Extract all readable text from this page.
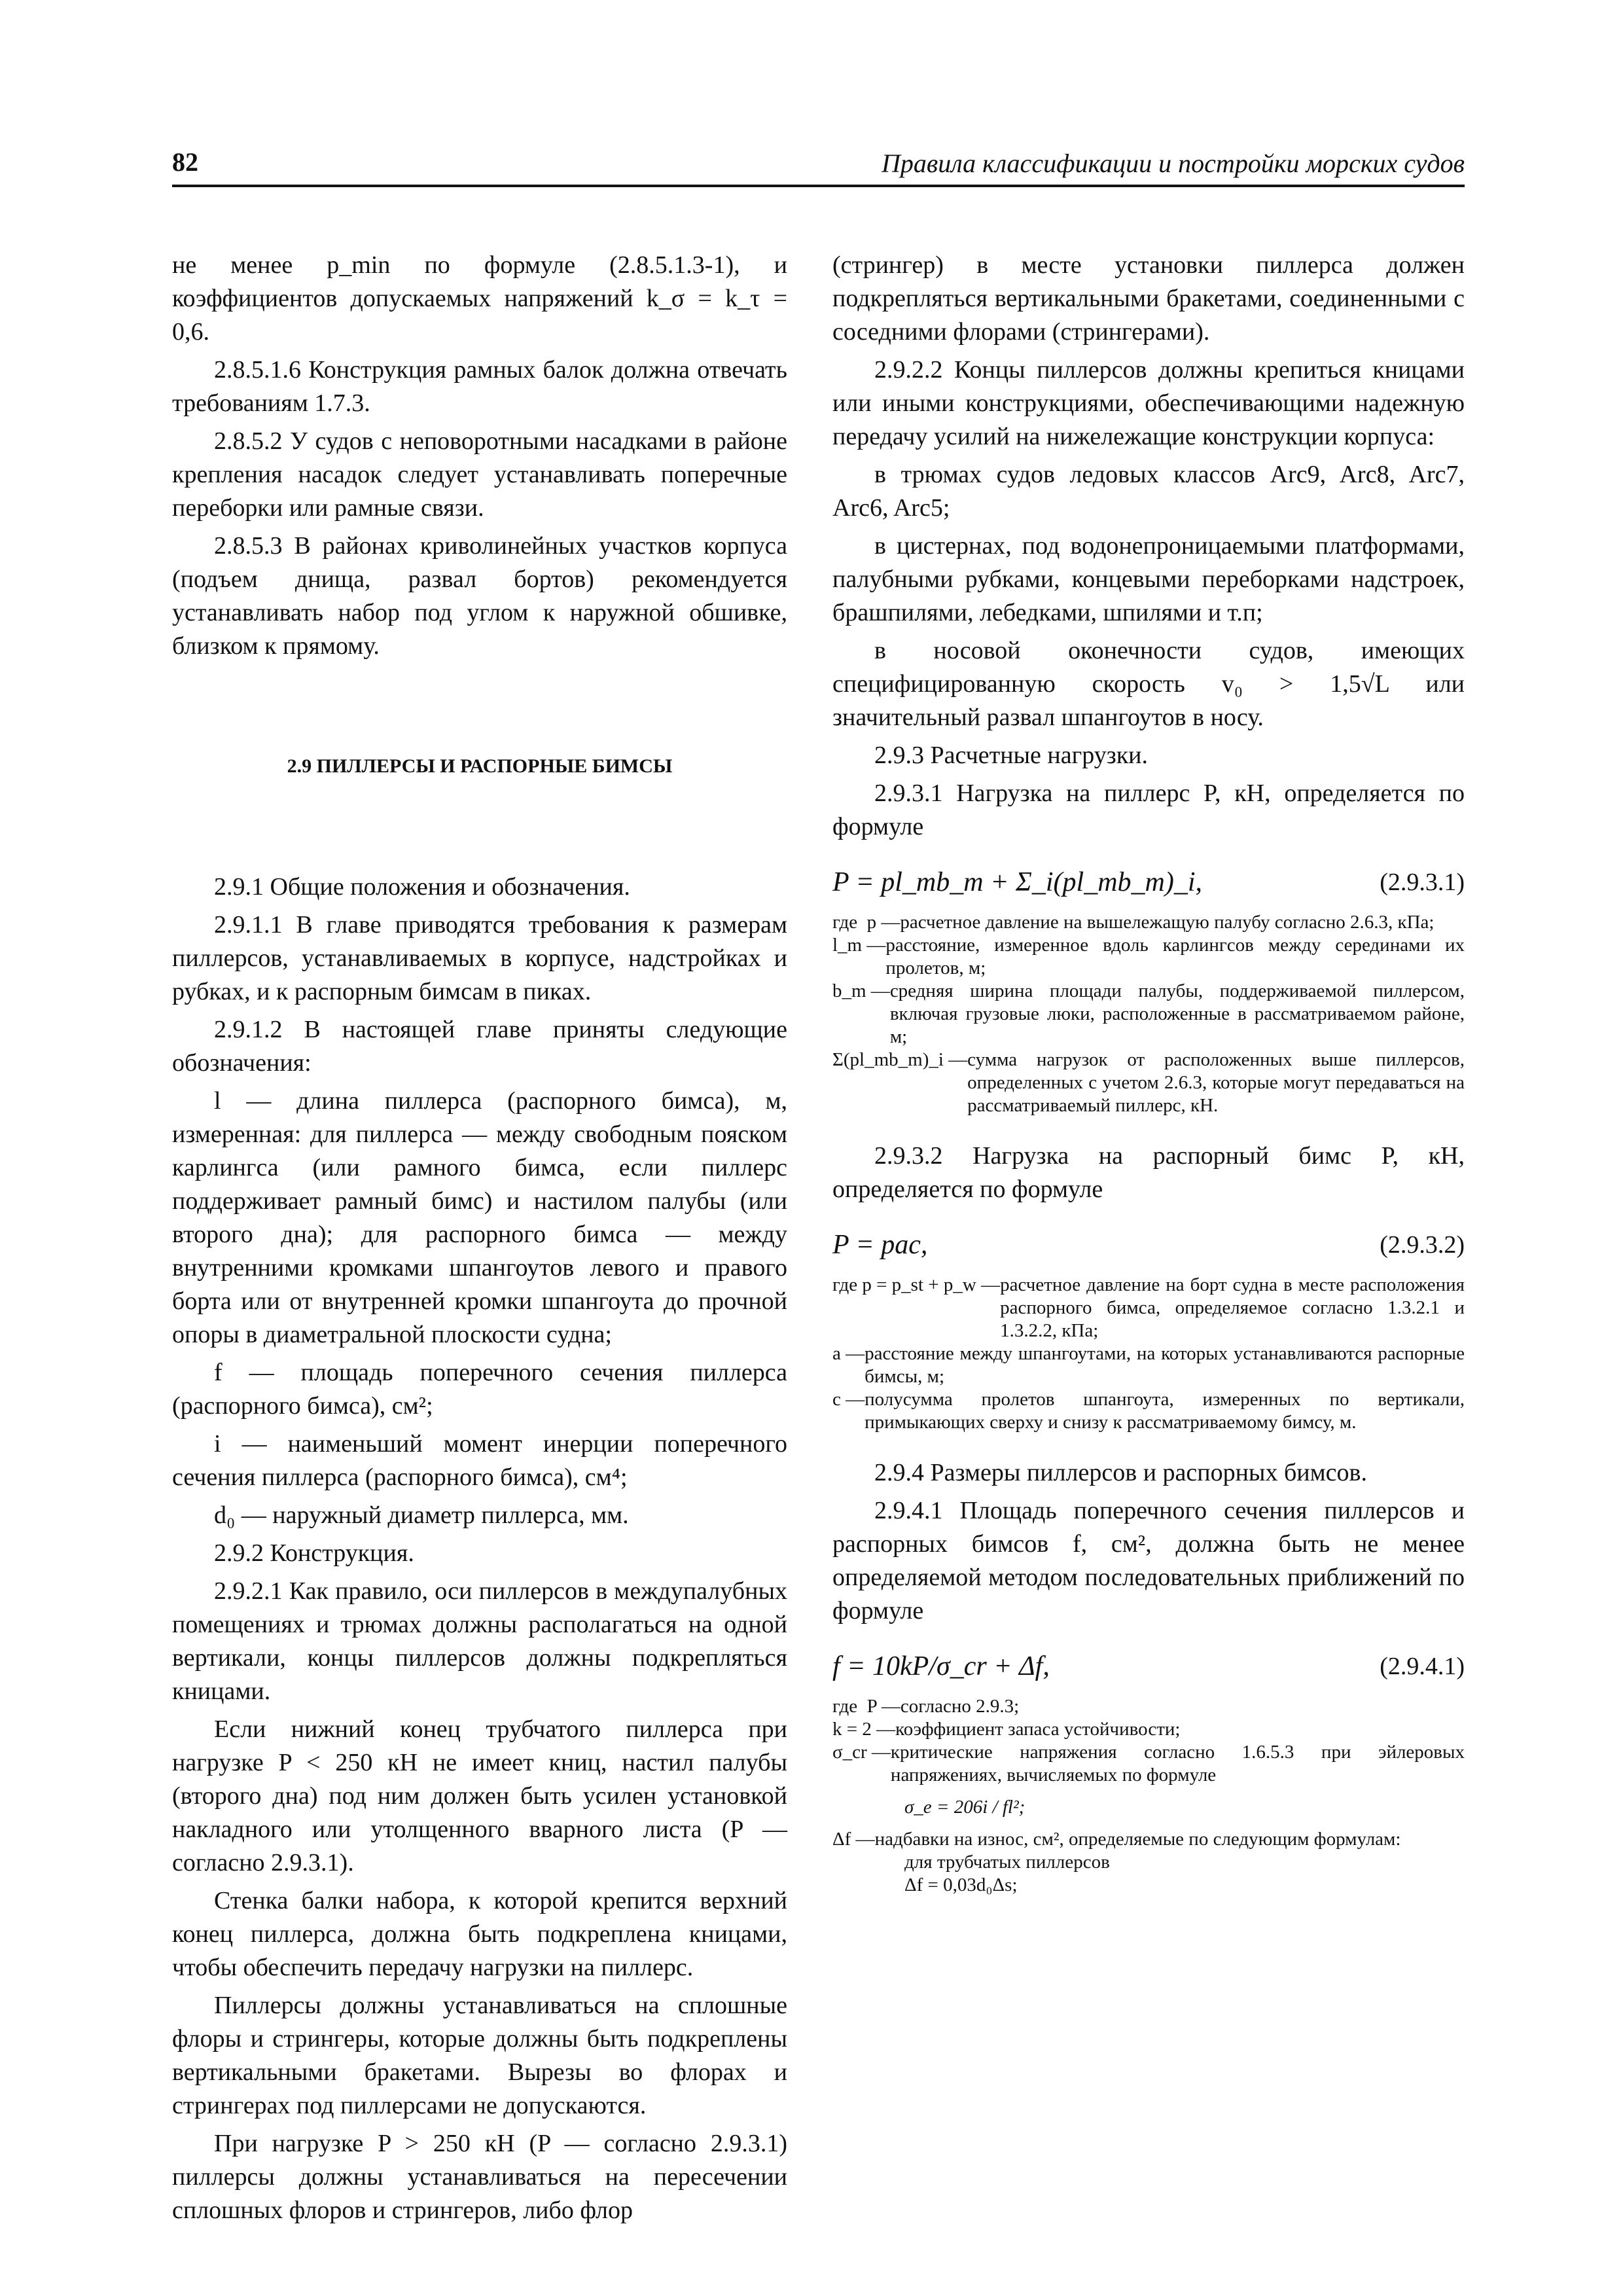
82	Правила классификации и постройки морских судов

не менее p_min по формуле (2.8.5.1.3-1), и коэффициентов допускаемых напряжений k_σ = k_τ = 0,6.

2.8.5.1.6 Конструкция рамных балок должна отвечать требованиям 1.7.3.

2.8.5.2 У судов с неповоротными насадками в районе крепления насадок следует устанавливать поперечные переборки или рамные связи.

2.8.5.3 В районах криволинейных участков корпуса (подъем днища, развал бортов) рекомендуется устанавливать набор под углом к наружной обшивке, близком к прямому.

2.9 ПИЛЛЕРСЫ И РАСПОРНЫЕ БИМСЫ

2.9.1 Общие положения и обозначения.

2.9.1.1 В главе приводятся требования к размерам пиллерсов, устанавливаемых в корпусе, надстройках и рубках, и к распорным бимсам в пиках.

2.9.1.2 В настоящей главе приняты следующие обозначения:

l — длина пиллерса (распорного бимса), м, измеренная: для пиллерса — между свободным пояском карлингса (или рамного бимса, если пиллерс поддерживает рамный бимс) и настилом палубы (или второго дна); для распорного бимса — между внутренними кромками шпангоутов левого и правого борта или от внутренней кромки шпангоута до прочной опоры в диаметральной плоскости судна;

f — площадь поперечного сечения пиллерса (распорного бимса), см²;

i — наименьший момент инерции поперечного сечения пиллерса (распорного бимса), см⁴;

d₀ — наружный диаметр пиллерса, мм.

2.9.2 Конструкция.

2.9.2.1 Как правило, оси пиллерсов в междупалубных помещениях и трюмах должны располагаться на одной вертикали, концы пиллерсов должны подкрепляться кницами.

Если нижний конец трубчатого пиллерса при нагрузке P < 250 кН не имеет книц, настил палубы (второго дна) под ним должен быть усилен установкой накладного или утолщенного вварного листа (P — согласно 2.9.3.1).

Стенка балки набора, к которой крепится верхний конец пиллерса, должна быть подкреплена кницами, чтобы обеспечить передачу нагрузки на пиллерс.

Пиллерсы должны устанавливаться на сплошные флоры и стрингеры, которые должны быть подкреплены вертикальными бракетами. Вырезы во флорах и стрингерах под пиллерсами не допускаются.

При нагрузке P > 250 кН (P — согласно 2.9.3.1) пиллерсы должны устанавливаться на пересечении сплошных флоров и стрингеров, либо флор

(стрингер) в месте установки пиллерса должен подкрепляться вертикальными бракетами, соединенными с соседними флорами (стрингерами).

2.9.2.2 Концы пиллерсов должны крепиться кницами или иными конструкциями, обеспечивающими надежную передачу усилий на нижележащие конструкции корпуса:

в трюмах судов ледовых классов Arc9, Arc8, Arc7, Arc6, Arc5;

в цистернах, под водонепроницаемыми платформами, палубными рубками, концевыми переборками надстроек, брашпилями, лебедками, шпилями и т.п;

в носовой оконечности судов, имеющих специфицированную скорость v₀ > 1,5√L или значительный развал шпангоутов в носу.

2.9.3 Расчетные нагрузки.

2.9.3.1 Нагрузка на пиллерс P, кН, определяется по формуле

P = pl_mb_m + Σ_i(pl_mb_m)_i,	(2.9.3.1)
где  p — расчетное давление на вышележащую палубу согласно 2.6.3, кПа;
l_m — расстояние, измеренное вдоль карлингсов между серединами их пролетов, м;
b_m — средняя ширина площади палубы, поддерживаемой пиллерсом, включая грузовые люки, расположенные в рассматриваемом районе, м;
Σ(pl_mb_m)_i — сумма нагрузок от расположенных выше пиллерсов, определенных с учетом 2.6.3, которые могут передаваться на рассматриваемый пиллерс, кН.

2.9.3.2 Нагрузка на распорный бимс P, кН, определяется по формуле

P = pac,	(2.9.3.2)
где p = p_st + p_w — расчетное давление на борт судна в месте расположения распорного бимса, определяемое согласно 1.3.2.1 и 1.3.2.2, кПа;
a — расстояние между шпангоутами, на которых устанавливаются распорные бимсы, м;
c — полусумма пролетов шпангоута, измеренных по вертикали, примыкающих сверху и снизу к рассматриваемому бимсу, м.

2.9.4 Размеры пиллерсов и распорных бимсов.

2.9.4.1 Площадь поперечного сечения пиллерсов и распорных бимсов f, см², должна быть не менее определяемой методом последовательных приближений по формуле

f = 10kP/σ_cr + Δf,	(2.9.4.1)
где  P — согласно 2.9.3;
k = 2 — коэффициент запаса устойчивости;
σ_cr — критические напряжения согласно 1.6.5.3 при эйлеровых напряжениях, вычисляемых по формуле
σ_e = 206i / fl²;
Δf — надбавки на износ, см², определяемые по следующим формулам:
для трубчатых пиллерсов
Δf = 0,03d₀Δs;
